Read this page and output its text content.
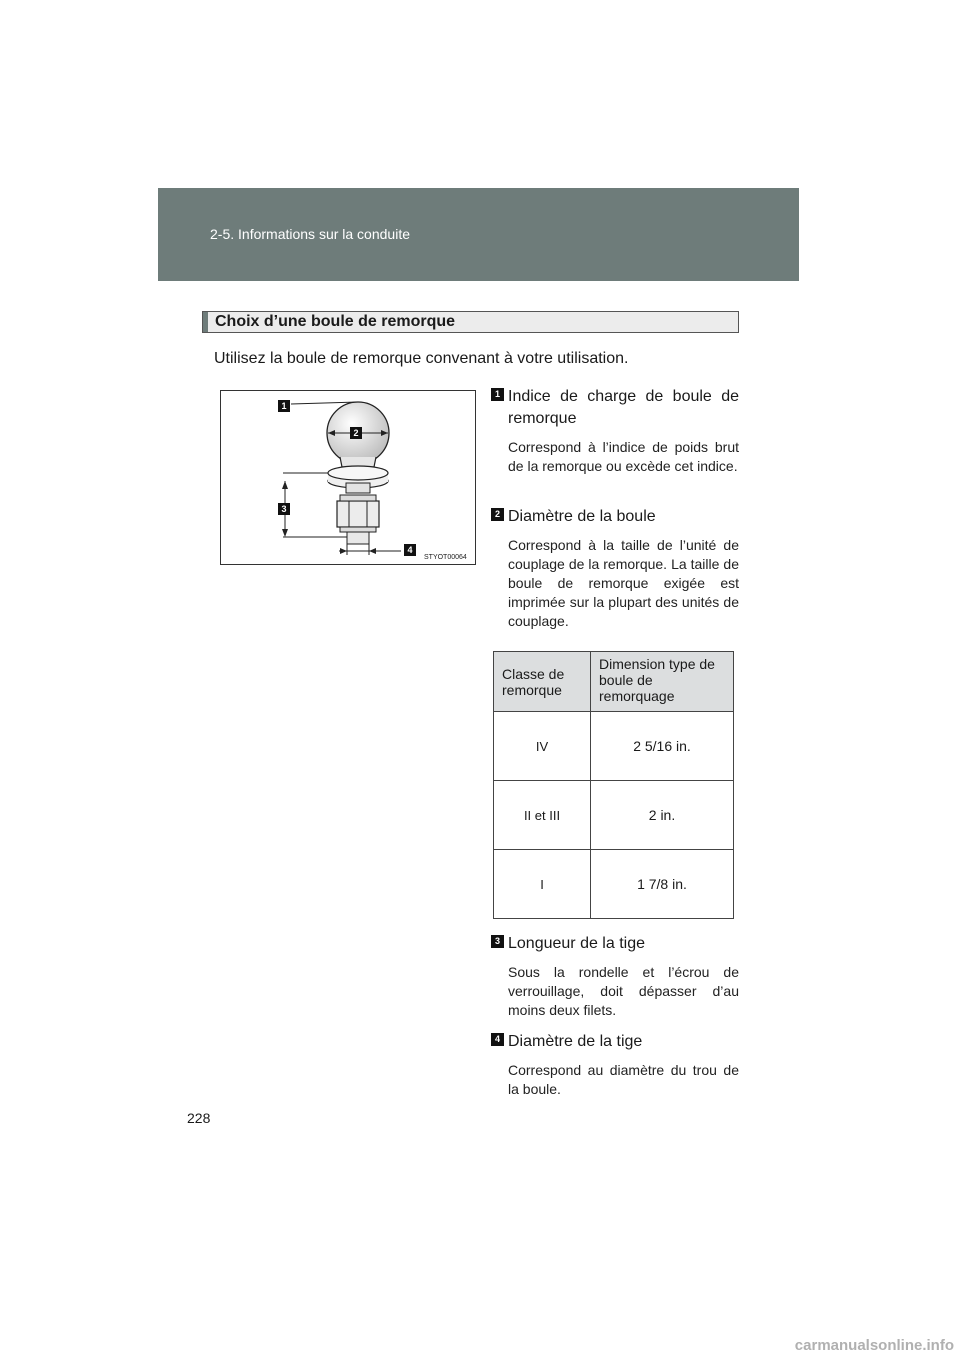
2-5. Informations sur la conduite
Choix d’une boule de remorque
Utilisez la boule de remorque convenant à votre utilisation.
1
2
3
4
STYOT00064
1 Indice de charge de boule de remorque
Correspond à l’indice de poids brut de la remorque ou excède cet indice.
2 Diamètre de la boule
Correspond à la taille de l’unité de couplage de la remorque. La taille de boule de remorque exigée est imprimée sur la plupart des unités de couplage.
Classe de remorque	Dimension type de boule de remorquage
IV	2 5/16 in.
II et III	2 in.
I	1 7/8 in.
3 Longueur de la tige
Sous la rondelle et l’écrou de verrouillage, doit dépasser d’au moins deux filets.
4 Diamètre de la tige
Correspond au diamètre du trou de la boule.
228
carmanualsonline.info
